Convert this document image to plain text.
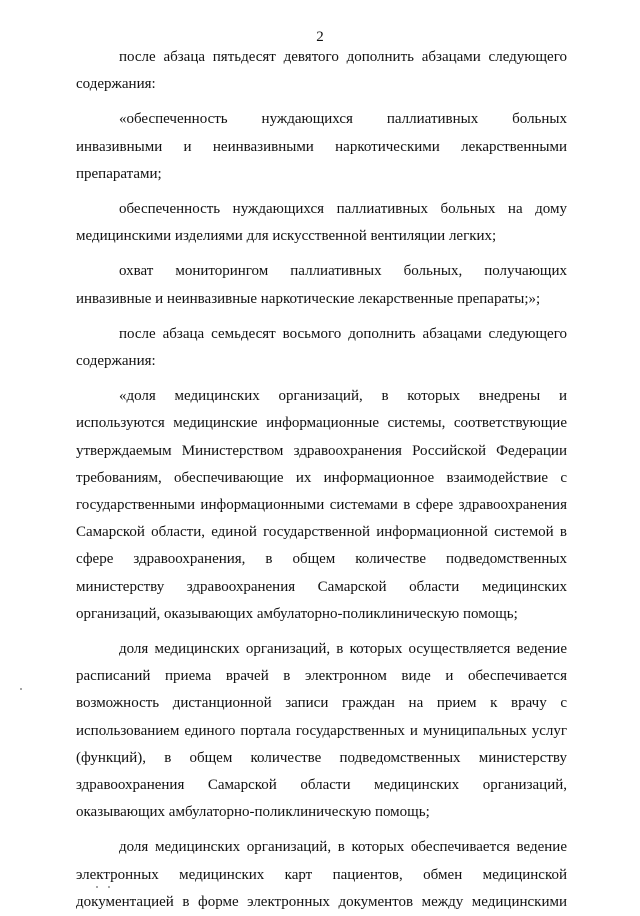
2
после абзаца пятьдесят девятого дополнить абзацами следующего
содержания:
«обеспеченность нуждающихся паллиативных больных
инвазивными и неинвазивными наркотическими лекарственными
препаратами;
обеспеченность нуждающихся паллиативных больных на дому
медицинскими изделиями для искусственной вентиляции легких;
охват мониторингом паллиативных больных, получающих
инвазивные и неинвазивные наркотические лекарственные препараты;»;
после абзаца семьдесят восьмого дополнить абзацами следующего
содержания:
«доля медицинских организаций, в которых внедрены и
используются медицинские информационные системы, соответствующие
утверждаемым Министерством здравоохранения Российской Федерации
требованиям, обеспечивающие их информационное взаимодействие с
государственными информационными системами в сфере здравоохранения
Самарской области, единой государственной информационной системой в
сфере здравоохранения, в общем количестве подведомственных
министерству здравоохранения Самарской области медицинских
организаций, оказывающих амбулаторно-поликлиническую помощь;
доля медицинских организаций, в которых осуществляется ведение
расписаний приема врачей в электронном виде и обеспечивается
возможность дистанционной записи граждан на прием к врачу с
использованием единого портала государственных и муниципальных услуг
(функций), в общем количестве подведомственных министерству
здравоохранения Самарской области медицинских организаций,
оказывающих амбулаторно-поликлиническую помощь;
доля медицинских организаций, в которых обеспечивается ведение
электронных медицинских карт пациентов, обмен медицинской
документацией в форме электронных документов между медицинскими
